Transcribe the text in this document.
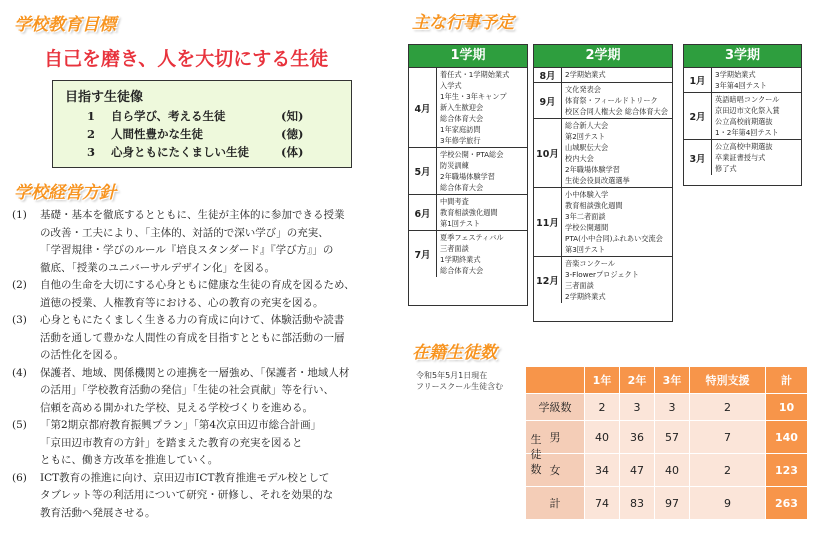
学校教育目標
自己を磨き、人を大切にする生徒
目指す生徒像
1	自ら学び、考える生徒	(知)
2	人間性豊かな生徒	(徳)
3	心身ともにたくましい生徒	(体)
学校経営方針
(1)	基礎・基本を徹底するとともに、生徒が主体的に参加できる授業
の改善・工夫により、「主体的、対話的で深い学び」の充実、
「学習規律・学びのルール『培良スタンダード』『学び方』」の
徹底、「授業のユニバーサルデザイン化」を図る。
(2)	自他の生命を大切にする心身ともに健康な生徒の育成を図るため、
道徳の授業、人権教育等における、心の教育の充実を図る。
(3)	心身ともにたくましく生きる力の育成に向けて、体験活動や読書
活動を通して豊かな人間性の育成を目指すとともに部活動の一層
の活性化を図る。
(4)	保護者、地域、関係機関との連携を一層強め、「保護者・地域人材
の活用」「学校教育活動の発信」「生徒の社会貢献」等を行い、
信頼を高める開かれた学校、見える学校づくりを進める。
(5)	「第2期京都府教育振興プラン」「第4次京田辺市総合計画」
「京田辺市教育の方針」を踏まえた教育の充実を図ると
ともに、働き方改革を推進していく。
(6)	ICT教育の推進に向け、京田辺市ICT教育推進モデル校として
タブレット等の利活用について研究・研修し、それを効果的な
教育活動へ発展させる。
主な行事予定
1学期
4月
着任式・1学期始業式
入学式
1年生・3年キャンプ
新入生歓迎会
総合体育大会
1年家庭訪問
3年修学旅行
5月
学校公開・PTA総会
防災訓練
2年職場体験学習
総合体育大会
6月
中間考査
教育相談強化週間
第1回テスト
7月
夏季フェスティバル
三者面談
1学期終業式
総合体育大会
2学期
8月	2学期始業式
9月
文化発表会
体育祭・フィールドトリーク
校区合同人権大会 総合体育大会
10月
総合新人大会
第2回テスト
山城駅伝大会
校内大会
2年職場体験学習
生徒会役員改選選挙
11月
小中体験入学
教育相談強化週間
3年二者面談
学校公開週間
PTA(小中合同)ふれあい交流会
第3回テスト
12月
音楽コンクール
3-Flowerプロジェクト
三者面談
2学期終業式
3学期
1月
3学期始業式
3年第4回テスト
2月
英語暗唱コンクール
京田辺市文化祭入賞
公立高校前期選抜
1・2年第4回テスト
3月
公立高校中期選抜
卒業証書授与式
修了式
在籍生徒数
令和5年5月1日現在
フリースクール生徒含む
		1年	2年	3年	特別支援	計
学級数	2	3	3	2	10

男	40	36	57	7	140

女	34	47	40	2	123

計	74	83	97	9	263
生
徒
数
